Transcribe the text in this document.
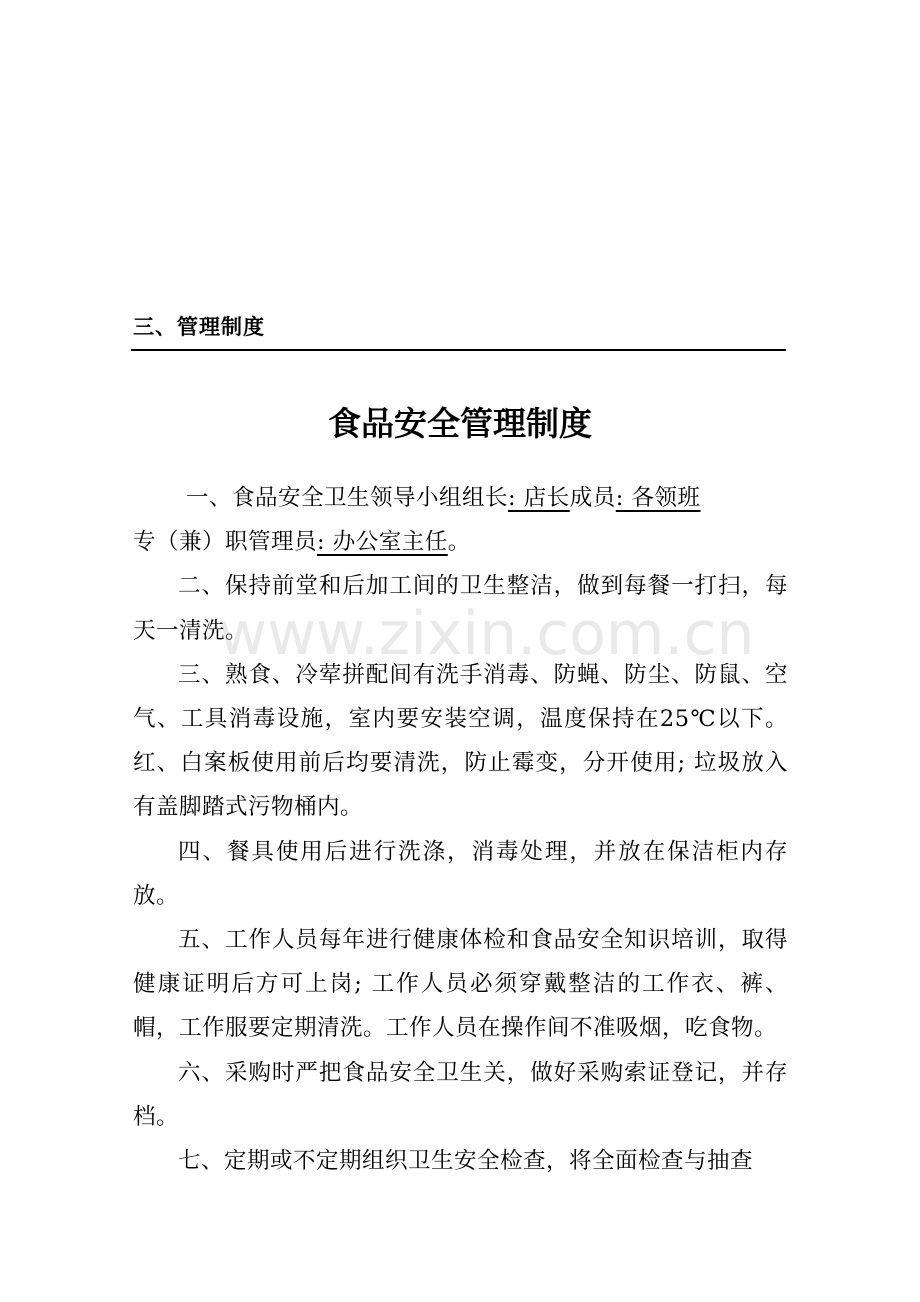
三、管理制度
食品安全管理制度

一、食品安全卫生领导小组组长: 店长成员: 各领班
专（兼）职管理员: 办公室主任。

二、保持前堂和后加工间的卫生整洁，做到每餐一打扫，每天一清洗。

三、熟食、冷荤拼配间有洗手消毒、防蝇、防尘、防鼠、空气、工具消毒设施，室内要安装空调，温度保持在25℃以下。红、白案板使用前后均要清洗，防止霉变，分开使用; 垃圾放入有盖脚踏式污物桶内。

四、餐具使用后进行洗涤，消毒处理，并放在保洁柜内存放。

五、工作人员每年进行健康体检和食品安全知识培训，取得健康证明后方可上岗; 工作人员必须穿戴整洁的工作衣、裤、帽，工作服要定期清洗。工作人员在操作间不准吸烟，吃食物。

六、采购时严把食品安全卫生关，做好采购索证登记，并存档。

七、定期或不定期组织卫生安全检查，将全面检查与抽查

www.zixin.com.cn
